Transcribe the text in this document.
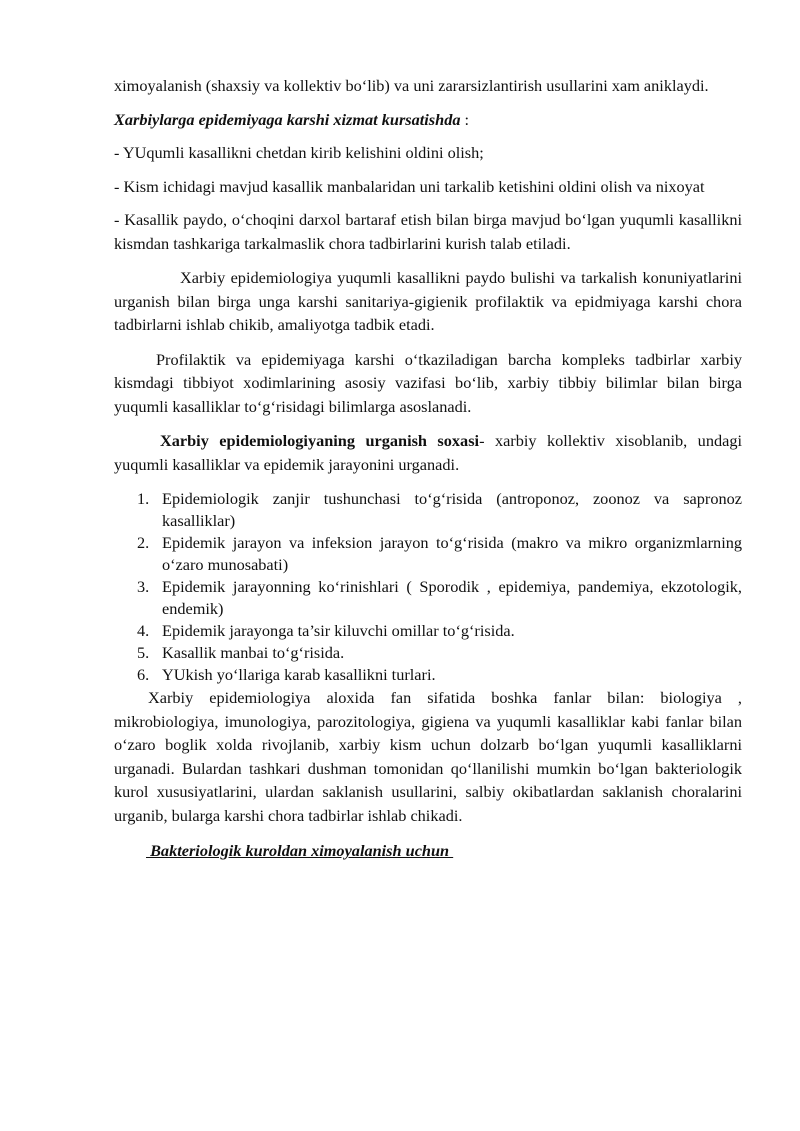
ximoyalanish (shaxsiy va kollektiv bo‘lib) va uni zararsizlantirish usullarini xam aniklaydi.

Xarbiylarga epidemiyaga karshi xizmat kursatishda :

- YUqumli kasallikni chetdan kirib kelishini oldini olish;

- Kism ichidagi mavjud kasallik manbalaridan uni tarkalib ketishini oldini olish va nixoyat

- Kasallik paydo, o‘choqini darxol bartaraf etish bilan birga mavjud bo‘lgan yuqumli kasallikni kismdan tashkariga tarkalmaslik chora tadbirlarini kurish talab etiladi.

Xarbiy epidemiologiya yuqumli kasallikni paydo bulishi va tarkalish konuniyatlarini urganish bilan birga unga karshi sanitariya-gigienik profilaktik va epidmiyaga karshi chora tadbirlarni ishlab chikib, amaliyotga tadbik etadi.

Profilaktik va epidemiyaga karshi o‘tkaziladigan barcha kompleks tadbirlar xarbiy kismdagi tibbiyot xodimlarining asosiy vazifasi bo‘lib, xarbiy tibbiy bilimlar bilan birga yuqumli kasalliklar to‘g‘risidagi bilimlarga asoslanadi.

Xarbiy epidemiologiyaning urganish soxasi- xarbiy kollektiv xisoblanib, undagi yuqumli kasalliklar va epidemik jarayonini urganadi.

1. Epidemiologik zanjir tushunchasi to‘g‘risida (antroponoz, zoonoz va sapronoz kasalliklar)
2. Epidemik jarayon va infeksion jarayon to‘g‘risida (makro va mikro organizmlarning o‘zaro munosabati)
3. Epidemik jarayonning ko‘rinishlari ( Sporodik , epidemiya, pandemiya, ekzotologik, endemik)
4. Epidemik jarayonga ta’sir kiluvchi omillar to‘g‘risida.
5. Kasallik manbai to‘g‘risida.
6. YUkish yo‘llariga karab kasallikni turlari.

Xarbiy epidemiologiya aloxida fan sifatida boshka fanlar bilan: biologiya , mikrobiologiya, imunologiya, parozitologiya, gigiena va yuqumli kasalliklar kabi fanlar bilan o‘zaro boglik xolda rivojlanib, xarbiy kism uchun dolzarb bo‘lgan yuqumli kasalliklarni urganadi. Bulardan tashkari dushman tomonidan qo‘llanilishi mumkin bo‘lgan bakteriologik kurol xususiyatlarini, ulardan saklanish usullarini, salbiy okibatlardan saklanish choralarini urganib, bularga karshi chora tadbirlar ishlab chikadi.

Bakteriologik kuroldan ximoyalanish uchun
